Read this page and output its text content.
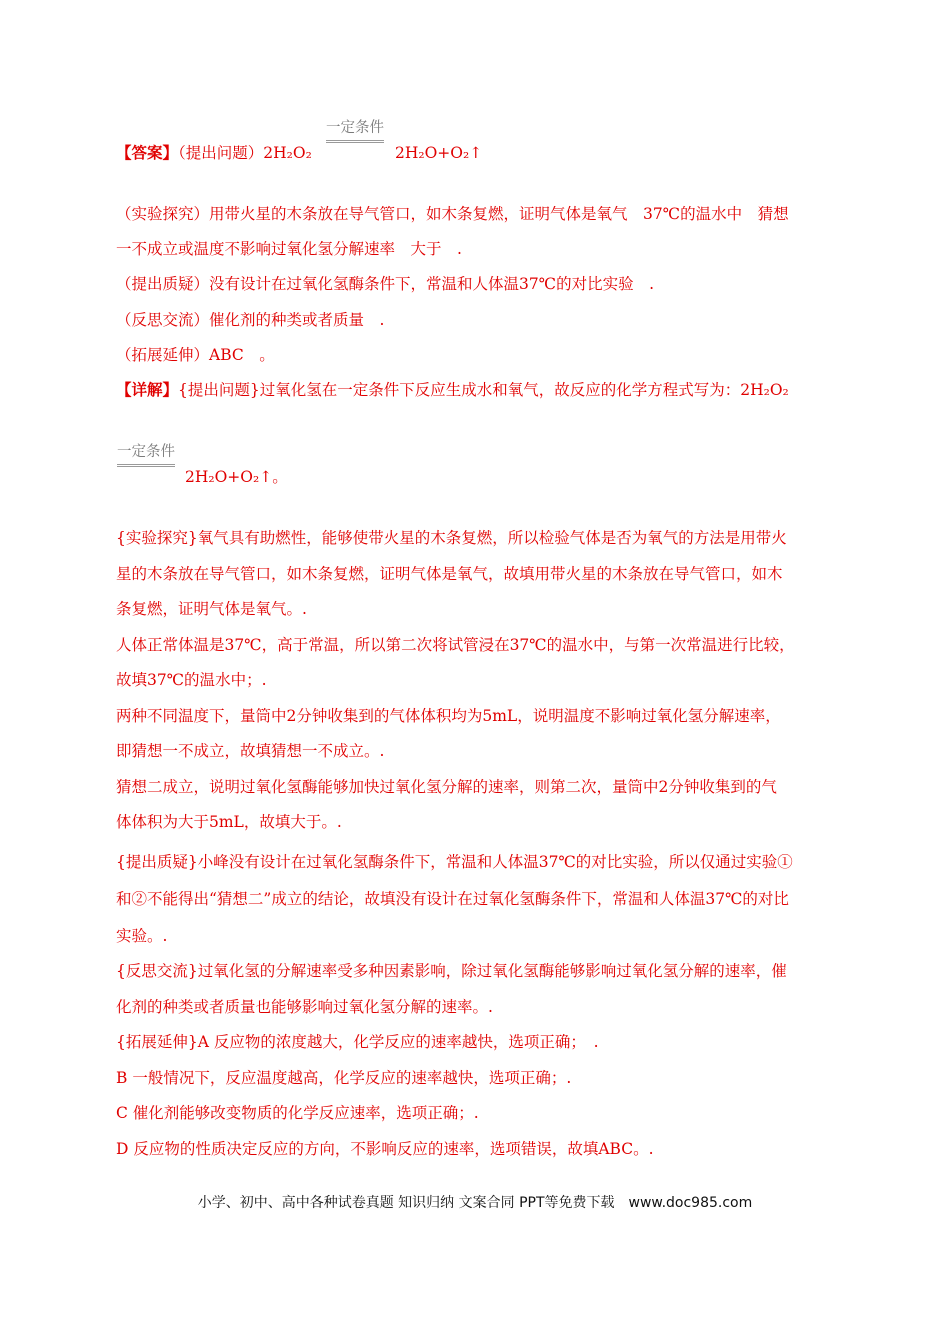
一定条件
【答案】（提出问题）2H₂O₂	2H₂O+O₂↑
（实验探究）用带火星的木条放在导气管口，如木条复燃，证明气体是氧气　37℃的温水中　猜想
一不成立或温度不影响过氧化氢分解速率　大于　.
（提出质疑）没有设计在过氧化氢酶条件下，常温和人体温37℃的对比实验　.
（反思交流）催化剂的种类或者质量　.
（拓展延伸）ABC　。
【详解】{提出问题}过氧化氢在一定条件下反应生成水和氧气，故反应的化学方程式写为：2H₂O₂
一定条件
2H₂O+O₂↑。
{实验探究}氧气具有助燃性，能够使带火星的木条复燃，所以检验气体是否为氧气的方法是用带火
星的木条放在导气管口，如木条复燃，证明气体是氧气，故填用带火星的木条放在导气管口，如木
条复燃，证明气体是氧气。.
人体正常体温是37℃，高于常温，所以第二次将试管浸在37℃的温水中，与第一次常温进行比较，
故填37℃的温水中；.
两种不同温度下，量筒中2分钟收集到的气体体积均为5mL，说明温度不影响过氧化氢分解速率，
即猜想一不成立，故填猜想一不成立。.
猜想二成立，说明过氧化氢酶能够加快过氧化氢分解的速率，则第二次，量筒中2分钟收集到的气
体体积为大于5mL，故填大于。.
{提出质疑}小峰没有设计在过氧化氢酶条件下，常温和人体温37℃的对比实验，所以仅通过实验①
和②不能得出“猜想二”成立的结论，故填没有设计在过氧化氢酶条件下，常温和人体温37℃的对比
实验。.
{反思交流}过氧化氢的分解速率受多种因素影响，除过氧化氢酶能够影响过氧化氢分解的速率，催
化剂的种类或者质量也能够影响过氧化氢分解的速率。.
{拓展延伸}A 反应物的浓度越大，化学反应的速率越快，选项正确；　.
B 一般情况下，反应温度越高，化学反应的速率越快，选项正确；.
C 催化剂能够改变物质的化学反应速率，选项正确；.
D 反应物的性质决定反应的方向，不影响反应的速率，选项错误，故填ABC。.
小学、初中、高中各种试卷真题 知识归纳 文案合同 PPT等免费下载　www.doc985.com
